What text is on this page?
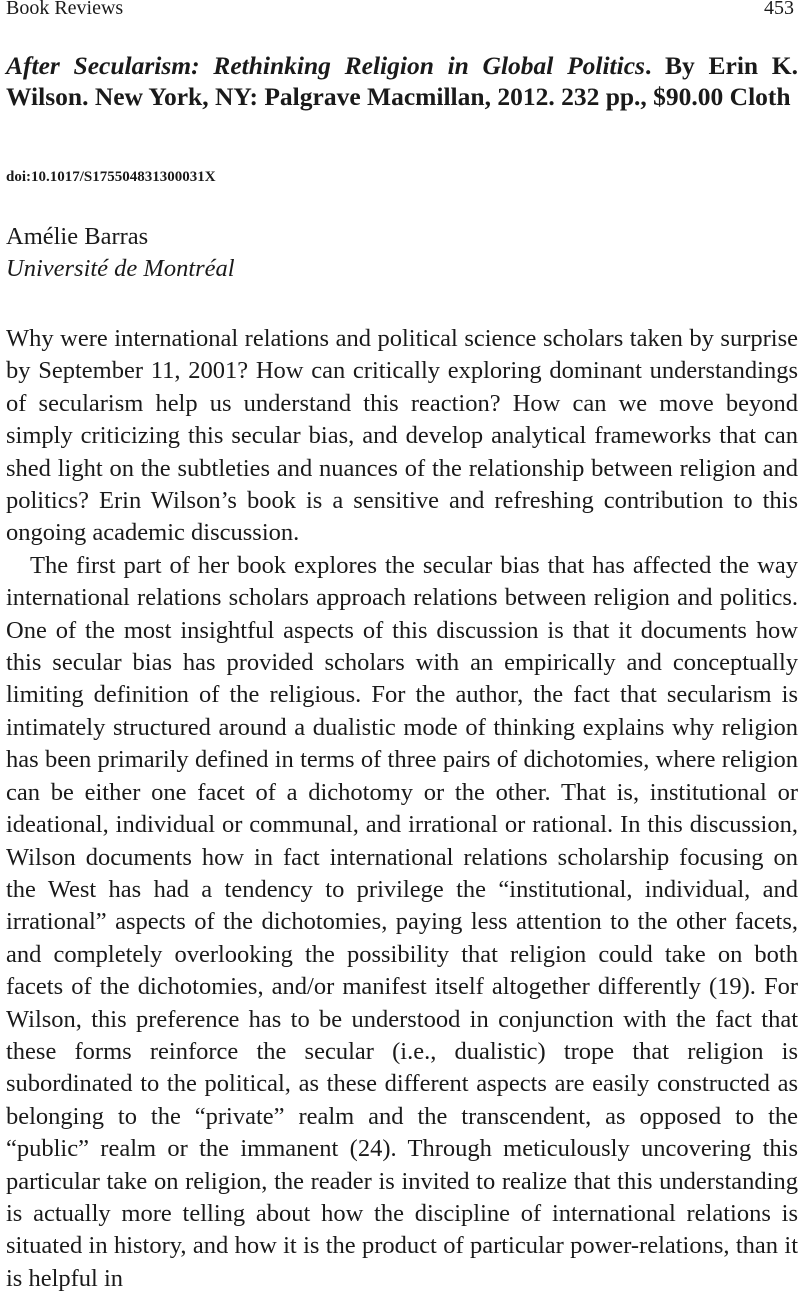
Book Reviews	453
After Secularism: Rethinking Religion in Global Politics. By Erin K. Wilson. New York, NY: Palgrave Macmillan, 2012. 232 pp., $90.00 Cloth
doi:10.1017/S175504831300031X
Amélie Barras
Université de Montréal

Why were international relations and political science scholars taken by surprise by September 11, 2001? How can critically exploring dominant understandings of secularism help us understand this reaction? How can we move beyond simply criticizing this secular bias, and develop analytical frameworks that can shed light on the subtleties and nuances of the relationship between religion and politics? Erin Wilson’s book is a sensitive and refreshing contribution to this ongoing academic discussion.

The first part of her book explores the secular bias that has affected the way international relations scholars approach relations between religion and politics. One of the most insightful aspects of this discussion is that it documents how this secular bias has provided scholars with an empirically and conceptually limiting definition of the religious. For the author, the fact that secularism is intimately structured around a dualistic mode of thinking explains why religion has been primarily defined in terms of three pairs of dichotomies, where religion can be either one facet of a dichotomy or the other. That is, institutional or ideational, individual or communal, and irrational or rational. In this discussion, Wilson documents how in fact international relations scholarship focusing on the West has had a tendency to privilege the “institutional, individual, and irrational” aspects of the dichotomies, paying less attention to the other facets, and completely overlooking the possibility that religion could take on both facets of the dichotomies, and/or manifest itself altogether differently (19). For Wilson, this preference has to be understood in conjunction with the fact that these forms reinforce the secular (i.e., dualistic) trope that religion is subordinated to the political, as these different aspects are easily constructed as belonging to the “private” realm and the transcendent, as opposed to the “public” realm or the immanent (24). Through meticulously uncovering this particular take on religion, the reader is invited to realize that this understanding is actually more telling about how the discipline of international relations is situated in history, and how it is the product of particular power-relations, than it is helpful in
